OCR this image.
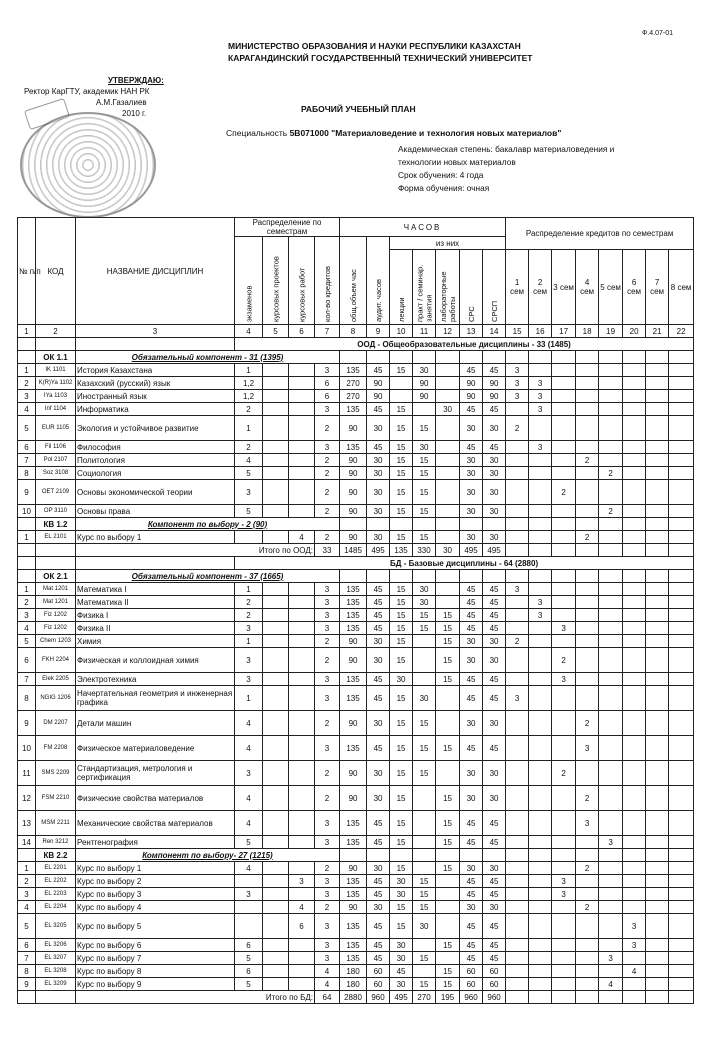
Ф.4.07-01
МИНИСТЕРСТВО ОБРАЗОВАНИЯ И НАУКИ РЕСПУБЛИКИ КАЗАХСТАН
КАРАГАНДИНСКИЙ ГОСУДАРСТВЕННЫЙ ТЕХНИЧЕСКИЙ УНИВЕРСИТЕТ
УТВЕРЖДАЮ:
Ректор КарГТУ, академик НАН РК
А.М.Газалиев
2010 г.	РАБОЧИЙ УЧЕБНЫЙ ПЛАН
Специальность 5В071000 "Материаловедение и технология новых материалов"
Академическая степень: бакалавр материаловедения и
технологии новых материалов
Срок обучения: 4 года
Форма обучения: очная
№ п/п	КОД	НАЗВАНИЕ ДИСЦИПЛИН	Распределение по семестрам				ЧАСОВ							Распределение кредитов по семестрам							
			экзаменов	курсовых проектов	курсовых работ	кол-во кредитов	общ.объем час	аудит. часов	из них												
									лекции	практ / семинар. занятия	лабораторные работы	СРС	СРСП	1 сем	2 сем	3 сем	4 сем	5 сем	6 сем	7 сем	8 сем
1	2	3	4	5	6	7	8	9	10	11	12	13	14	15	16	17	18	19	20	21	22
			ООД - Общеобразовательные дисциплины - 33 (1485)																		
	ОК 1.1	Обязательный компонент - 31 (1395)																			
1	IK 1101	История Казахстана	1			3	135	45	15	30		45	45	3							
2	K(R)Ya 1102	Казахский (русский) язык	1,2			6	270	90		90		90	90	3	3						
3	IYa 1103	Иностранный язык	1,2			6	270	90		90		90	90	3	3						
4	Inf 1104	Информатика	2			3	135	45	15		30	45	45		3						
5	EUR 1105	Экология и устойчивое развитие	1			2	90	30	15	15		30	30	2							
6	Fil 1106	Философия	2			3	135	45	15	30		45	45		3						
7	Pol 2107	Политология	4			2	90	30	15	15		30	30				2				
8	Soz 3108	Социология	5			2	90	30	15	15		30	30					2			
9	OET 2109	Основы экономической теории	3			2	90	30	15	15		30	30			2					
10	OP 3110	Основы права	5			2	90	30	15	15		30	30					2			
	КВ 1.2	Компонент по выбору - 2 (90)																			
1	EL 2101	Курс по выбору 1			4	2	90	30	15	15		30	30				2				
		Итого по ООД:				33	1485	495	135	330	30	495	495								
			БД - Базовые дисциплины - 64 (2880)																		
	ОК 2.1	Обязательный компонент - 37 (1665)																			
1	Mat 1201	Математика I	1			3	135	45	15	30		45	45	3							
2	Mat 1201	Математика II	2			3	135	45	15	30		45	45		3						
3	Fiz 1202	Физика I	2			3	135	45	15	15	15	45	45		3						
4	Fiz 1202	Физика II	3			3	135	45	15	15	15	45	45			3					
5	Chem 1203	Химия	1			2	90	30	15		15	30	30	2							
6	FKH 2204	Физическая и коллоидная химия	3			2	90	30	15		15	30	30			2					
7	Elek 2205	Электротехника	3			3	135	45	30		15	45	45			3					
8	NGIG 1206	Начертательная геометрия и инженерная графика	1			3	135	45	15	30		45	45	3							
9	DM 2207	Детали машин	4			2	90	30	15	15		30	30				2				
10	FM 2208	Физическое материаловедение	4			3	135	45	15	15	15	45	45				3				
11	SMS 2209	Стандартизация, метрология и сертификация	3			2	90	30	15	15		30	30			2					
12	FSM 2210	Физические свойства материалов	4			2	90	30	15		15	30	30				2				
13	MSM 2211	Механические свойства материалов	4			3	135	45	15		15	45	45				3				
14	Ren 3212	Рентгенография	5			3	135	45	15		15	45	45					3			
	КВ 2.2	Компонент по выбору- 27 (1215)																			
1	EL 2201	Курс по выбору 1	4			2	90	30	15		15	30	30				2				
2	EL 2202	Курс по выбору 2			3	3	135	45	30	15		45	45			3					
3	EL 2203	Курс по выбору 3	3			3	135	45	30	15		45	45			3					
4	EL 2204	Курс по выбору 4			4	2	90	30	15	15		30	30				2				
5	EL 3205	Курс по выбору 5			6	3	135	45	15	30		45	45						3		
6	EL 3206	Курс по выбору 6	6			3	135	45	30		15	45	45						3		
7	EL 3207	Курс по выбору 7	5			3	135	45	30	15		45	45					3			
8	EL 3208	Курс по выбору 8	6			4	180	60	45		15	60	60						4		
9	EL 3209	Курс по выбору 9	5			4	180	60	30	15	15	60	60					4			
		Итого по БД:				64	2880	960	495	270	195	960	960								
